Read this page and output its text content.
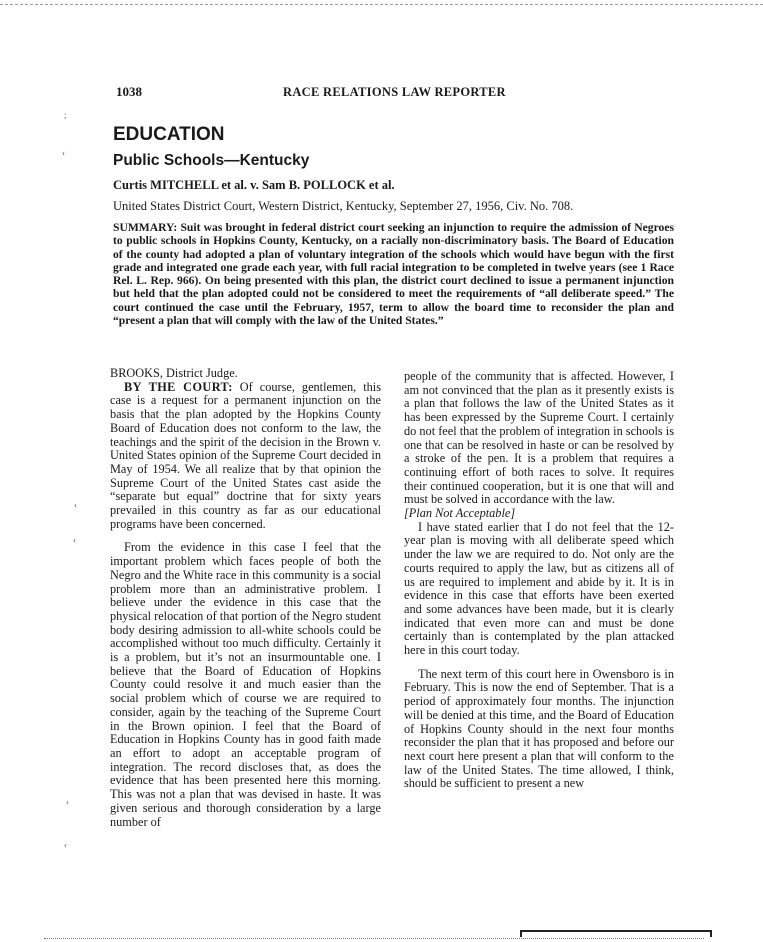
1038	RACE RELATIONS LAW REPORTER
EDUCATION
Public Schools—Kentucky
Curtis MITCHELL et al. v. Sam B. POLLOCK et al.
United States District Court, Western District, Kentucky, September 27, 1956, Civ. No. 708.
SUMMARY: Suit was brought in federal district court seeking an injunction to require the admission of Negroes to public schools in Hopkins County, Kentucky, on a racially non-discriminatory basis. The Board of Education of the county had adopted a plan of voluntary integration of the schools which would have begun with the first grade and integrated one grade each year, with full racial integration to be completed in twelve years (see 1 Race Rel. L. Rep. 966). On being presented with this plan, the district court declined to issue a permanent injunction but held that the plan adopted could not be considered to meet the requirements of “all deliberate speed.” The court continued the case until the February, 1957, term to allow the board time to reconsider the plan and “present a plan that will comply with the law of the United States.”

BROOKS, District Judge.

BY THE COURT: Of course, gentlemen, this case is a request for a permanent injunction on the basis that the plan adopted by the Hopkins County Board of Education does not conform to the law, the teachings and the spirit of the decision in the Brown v. United States opinion of the Supreme Court decided in May of 1954. We all realize that by that opinion the Supreme Court of the United States cast aside the “separate but equal” doctrine that for sixty years prevailed in this country as far as our educational programs have been concerned.

From the evidence in this case I feel that the important problem which faces people of both the Negro and the White race in this community is a social problem more than an administrative problem. I believe under the evidence in this case that the physical relocation of that portion of the Negro student body desiring admission to all-white schools could be accomplished without too much difficulty. Certainly it is a problem, but it’s not an insurmountable one. I believe that the Board of Education of Hopkins County could resolve it and much easier than the social problem which of course we are required to consider, again by the teaching of the Supreme Court in the Brown opinion. I feel that the Board of Education in Hopkins County has in good faith made an effort to adopt an acceptable program of integration. The record discloses that, as does the evidence that has been presented here this morning. This was not a plan that was devised in haste. It was given serious and thorough consideration by a large number of

people of the community that is affected. However, I am not convinced that the plan as it presently exists is a plan that follows the law of the United States as it has been expressed by the Supreme Court. I certainly do not feel that the problem of integration in schools is one that can be resolved in haste or can be resolved by a stroke of the pen. It is a problem that requires a continuing effort of both races to solve. It requires their continued cooperation, but it is one that will and must be solved in accordance with the law.

[Plan Not Acceptable]

I have stated earlier that I do not feel that the 12-year plan is moving with all deliberate speed which under the law we are required to do. Not only are the courts required to apply the law, but as citizens all of us are required to implement and abide by it. It is in evidence in this case that efforts have been exerted and some advances have been made, but it is clearly indicated that even more can and must be done certainly than is contemplated by the plan attacked here in this court today.

The next term of this court here in Owensboro is in February. This is now the end of September. That is a period of approximately four months. The injunction will be denied at this time, and the Board of Education of Hopkins County should in the next four months reconsider the plan that it has proposed and before our next court here present a plan that will conform to the law of the United States. The time allowed, I think, should be sufficient to present a new

;
‹
‹
‹
‹
‹
